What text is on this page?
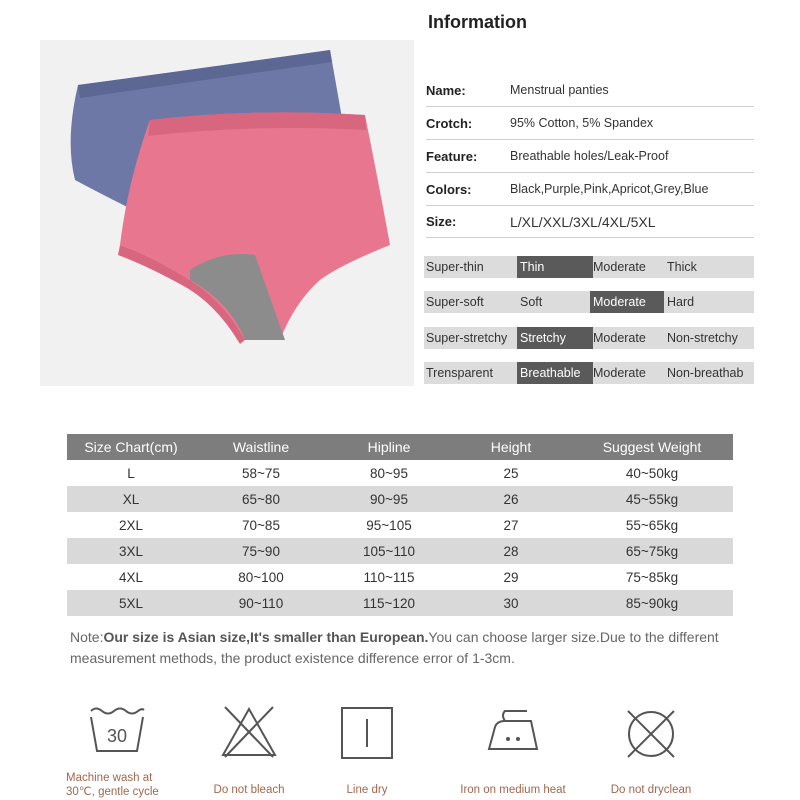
Information
Name:	Menstrual panties
Crotch:	95% Cotton, 5% Spandex
Feature:	Breathable holes/Leak-Proof
Colors:	Black,Purple,Pink,Apricot,Grey,Blue
Size:	L/XL/XXL/3XL/4XL/5XL
Super-thin	Thin	Moderate	Thick
Super-soft	Soft	Moderate	Hard
Super-stretchy	Stretchy	Moderate	Non-stretchy
Trensparent	Breathable	Moderate	Non-breathab
Size Chart(cm)	Waistline	Hipline	Height	Suggest Weight
L	58~75	80~95	25	40~50kg
XL	65~80	90~95	26	45~55kg
2XL	70~85	95~105	27	55~65kg
3XL	75~90	105~110	28	65~75kg
4XL	80~100	110~115	29	75~85kg
5XL	90~110	115~120	30	85~90kg
Note:Our size is Asian size,It's smaller than European.You can choose larger size.Due to the different measurement methods, the product existence difference error of 1-3cm.
30
Machine wash at 30℃, gentle cycle	Do not bleach	Line dry	Iron on medium heat	Do not dryclean
